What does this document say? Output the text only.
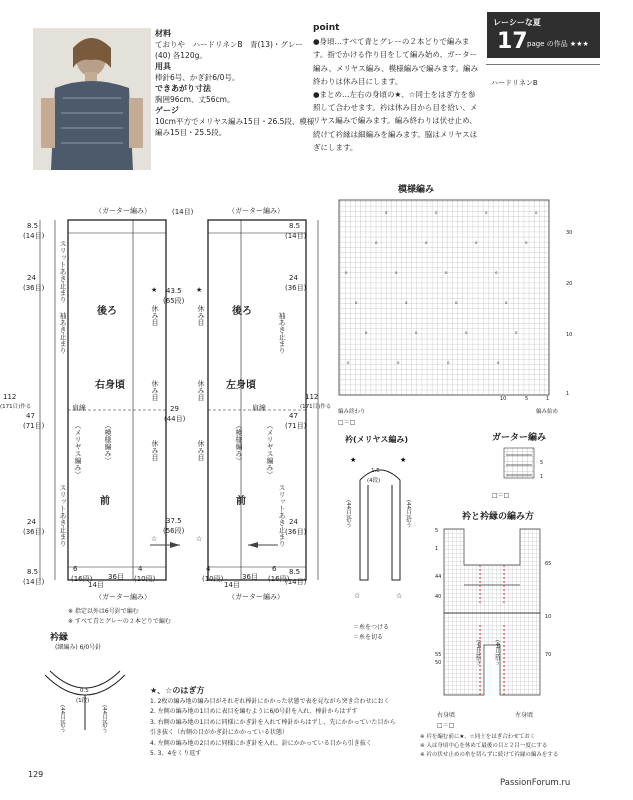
材料
ておりや　ハードリネンB　青(13)・グレー(40) 各120g。
用具
棒針6号、かぎ針6/0号。
できあがり寸法
胸囲96cm、丈56cm。
ゲージ
10cm平方でメリヤス編み15目・26.5段、模様編み15目・25.5段。
point
●身頃…すべて青とグレーの２本どりで編みます。指でかける作り目をして編み始め、ガーター編み、メリヤス編み、模様編みで編みます。編み終わりは休み目にします。
●まとめ…左右の身頃の★、☆同士をはぎ方を参照して合わせます。衿は休み目から目を拾い、メリヤス編みで編みます。編み終わりは伏せ止め、続けて衿縁は細編みを編みます。脇はメリヤスはぎにします。
レーシーな夏
17 page の作品 ★★★
ハードリネンB
（ガーター編み）	（ガーター編み）
（ガーター編み）	（ガーター編み）
後ろ	後ろ
右身頃	左身頃
前	前
（メリヤス編み）	（メリヤス編み）
（模様編み）	（模様編み）
休み目
休み目
休み目
休み目
休み目
休み目
肩線	肩線
スリットあき止まり
スリットあき止まり	スリットあき止まり
袖あき止まり	袖あき止まり
8.5
(14目)
24
(36目)
112
(171目)作る
47
(71目)
24
(36目)
8.5
(14目)
(14目)
43.5
(65段)
29
(44目)
37.5
(56段)
8.5
(14目)
24
(36目)
112
(171目)作る
47
(71目)
24
(36目)
8.5
(14目)
6
(16段)
4
(10段)
14目
36目
4
(10段)
14目
36目
6
(16段)
★	★
☆	☆
※ 指定以外は6号針で編む
※ すべて青とグレーの２本どりで編む
模様編み
o	o	o	o
o	o	o	o
o	o	o	o
o	o	o	o
o	o	o	o
o	o	o	o
30
20
10
1
10	5	1
編み終わり	編み始め
□＝□
衿(メリヤス編み)
★	★
☆	☆
1.5
(4段)
(44目)拾う	(44目)拾う
＝糸をつける
＝糸を切る
ガーター編み
5
1
□＝□
衿と衿縁の編み方
5
1
44
40
55
50
65
10
70
(44目)拾う	(44目)拾う
右身頃	左身頃
□＝□
※ 衿を編む前に★、☆同士をはぎ合わせておく
※ 入は身頃中心を休めて最後の目と２目一度にする
※ 衿の伏せ止めの糸を切らずに続けて衿縁の編みをする
衿縁
(細編み) 6/0号針
0.5
(1段)
(44目)拾う	(44目)拾う
★、☆のはぎ方
1. 2枚の編み地の編み目がそれぞれ棒針にかかった状態で表を見ながら突き合わせにおく
2. 左側の編み地の1目めに表目を編むように6/0号針を入れ、棒針からはずす
3. 右側の編み地の1目めに同様にかぎ針を入れて棒針からはずし、先にかかっていた目から引き抜く（右側の目がかぎ針にかかっている状態）
4. 左側の編み地の2目めに同様にかぎ針を入れ、針にかかっている目から引き抜く
5. 3、4をくり返す
129
PassionForum.ru
